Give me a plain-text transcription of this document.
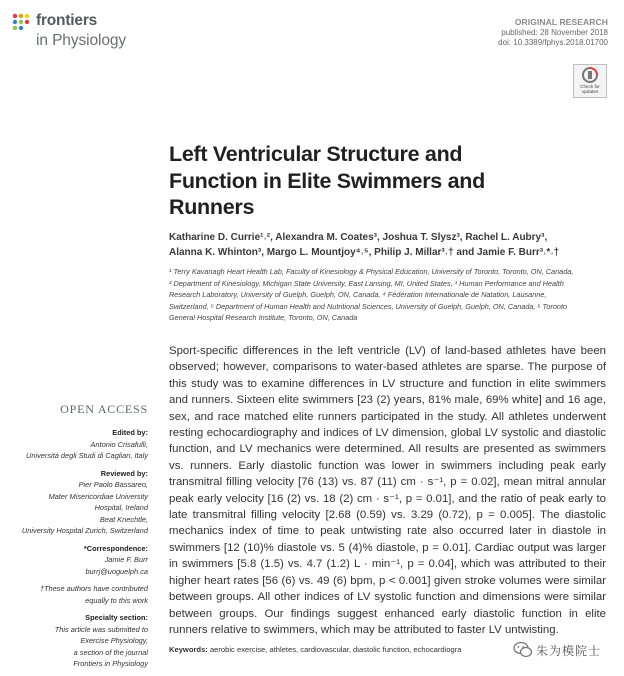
frontiers
in Physiology
ORIGINAL RESEARCH
published: 28 November 2018
doi: 10.3389/fphys.2018.01700
Check for updates
Left Ventricular Structure and
Function in Elite Swimmers and
Runners
Katharine D. Currie¹˒², Alexandra M. Coates³, Joshua T. Slysz³, Rachel L. Aubry³,
Alanna K. Whinton³, Margo L. Mountjoy⁴˒⁵, Philip J. Millar³˒† and Jamie F. Burr³˒*˒†
¹ Terry Kavanagh Heart Health Lab, Faculty of Kinesiology & Physical Education, University of Toronto, Toronto, ON, Canada,
² Department of Kinesiology, Michigan State University, East Lansing, MI, United States, ³ Human Performance and Health
Research Laboratory, University of Guelph, Guelph, ON, Canada, ⁴ Fédération Internationale de Natation, Lausanne,
Switzerland, ⁵ Department of Human Health and Nutritional Sciences, University of Guelph, Guelph, ON, Canada, ⁶ Toronto
General Hospital Research Institute, Toronto, ON, Canada
Sport-specific differences in the left ventricle (LV) of land-based athletes have been observed; however, comparisons to water-based athletes are sparse. The purpose of this study was to examine differences in LV structure and function in elite swimmers and runners. Sixteen elite swimmers [23 (2) years, 81% male, 69% white] and 16 age, sex, and race matched elite runners participated in the study. All athletes underwent resting echocardiography and indices of LV dimension, global LV systolic and diastolic function, and LV mechanics were determined. All results are presented as swimmers vs. runners. Early diastolic function was lower in swimmers including peak early transmitral filling velocity [76 (13) vs. 87 (11) cm · s⁻¹, p = 0.02], mean mitral annular peak early velocity [16 (2) vs. 18 (2) cm · s⁻¹, p = 0.01], and the ratio of peak early to late transmitral filling velocity [2.68 (0.59) vs. 3.29 (0.72), p = 0.005]. The diastolic mechanics index of time to peak untwisting rate also occurred later in diastole in swimmers [12 (10)% diastole vs. 5 (4)% diastole, p = 0.01]. Cardiac output was larger in swimmers [5.8 (1.5) vs. 4.7 (1.2) L · min⁻¹, p = 0.04], which was attributed to their higher heart rates [56 (6) vs. 49 (6) bpm, p < 0.001] given stroke volumes were similar between groups. All other indices of LV systolic function and dimensions were similar between groups. Our findings suggest enhanced early diastolic function in elite runners relative to swimmers, which may be attributed to faster LV untwisting.
Keywords: aerobic exercise, athletes, cardiovascular, diastolic function, echocardiogra
OPEN ACCESS
Edited by:
Antonio Crisafulli,
Università degli Studi di Cagliari, Italy
Reviewed by:
Pier Paolo Bassareo,
Mater Misericordiae University
Hospital, Ireland
Beat Knechtle,
University Hospital Zurich, Switzerland
*Correspondence:
Jamie F. Burr
burrj@uoguelph.ca
†These authors have contributed
equally to this work
Specialty section:
This article was submitted to
Exercise Physiology,
a section of the journal
Frontiers in Physiology
朱为模院士
